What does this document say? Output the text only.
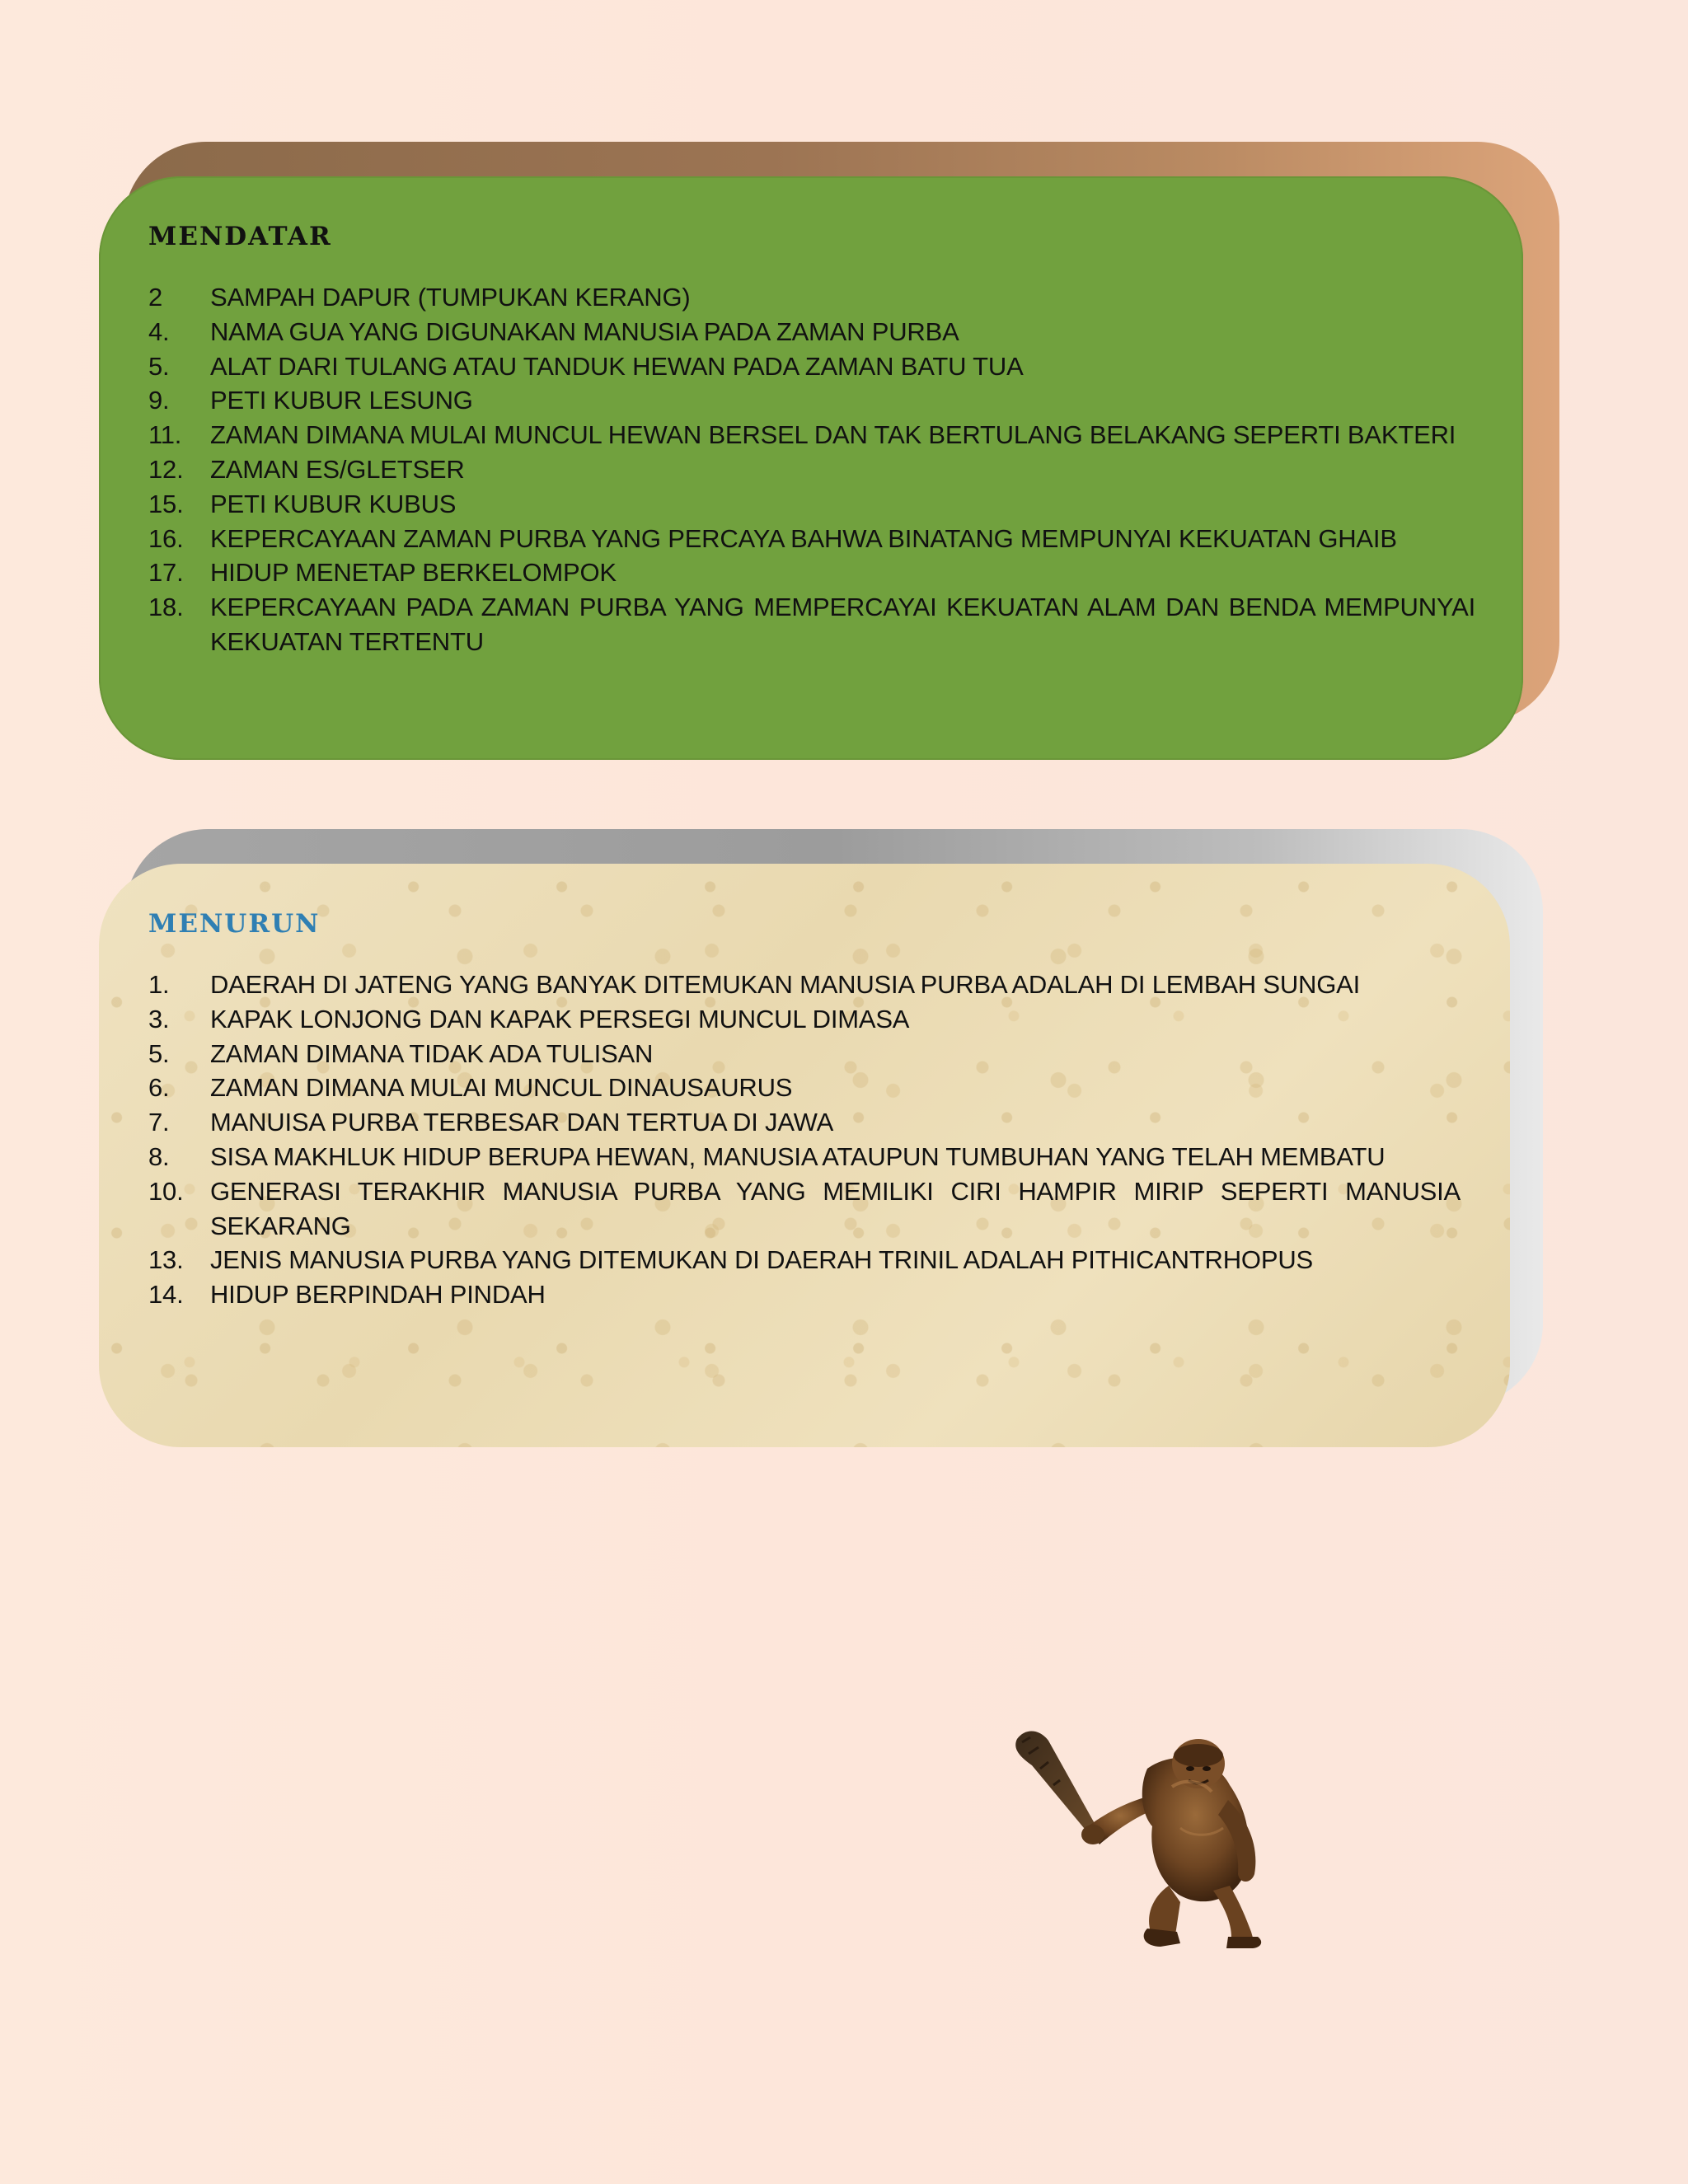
MENDATAR
2	SAMPAH DAPUR (TUMPUKAN KERANG)
4.	NAMA GUA YANG DIGUNAKAN MANUSIA PADA ZAMAN PURBA
5.	ALAT DARI TULANG ATAU TANDUK HEWAN PADA ZAMAN BATU TUA
9.	PETI KUBUR LESUNG
11.	ZAMAN DIMANA MULAI MUNCUL HEWAN BERSEL DAN TAK BERTULANG BELAKANG SEPERTI BAKTERI
12.	ZAMAN ES/GLETSER
15.	PETI KUBUR KUBUS
16.	KEPERCAYAAN ZAMAN PURBA YANG PERCAYA BAHWA BINATANG MEMPUNYAI KEKUATAN GHAIB
17.	HIDUP MENETAP BERKELOMPOK
18.	KEPERCAYAAN PADA ZAMAN PURBA YANG MEMPERCAYAI KEKUATAN ALAM DAN BENDA MEMPUNYAI KEKUATAN TERTENTU
MENURUN
1.	DAERAH DI JATENG YANG BANYAK DITEMUKAN MANUSIA PURBA ADALAH DI LEMBAH SUNGAI
3.	KAPAK LONJONG DAN KAPAK PERSEGI MUNCUL DIMASA
5.	ZAMAN DIMANA TIDAK ADA TULISAN
6.	ZAMAN DIMANA MULAI MUNCUL DINAUSAURUS
7.	MANUISA PURBA TERBESAR DAN TERTUA DI JAWA
8.	SISA MAKHLUK HIDUP BERUPA HEWAN, MANUSIA ATAUPUN TUMBUHAN YANG TELAH MEMBATU
10.	GENERASI TERAKHIR MANUSIA PURBA YANG MEMILIKI CIRI HAMPIR MIRIP SEPERTI MANUSIA SEKARANG
13.	JENIS MANUSIA PURBA YANG DITEMUKAN DI DAERAH TRINIL ADALAH PITHICANTRHOPUS
14.	HIDUP BERPINDAH PINDAH
